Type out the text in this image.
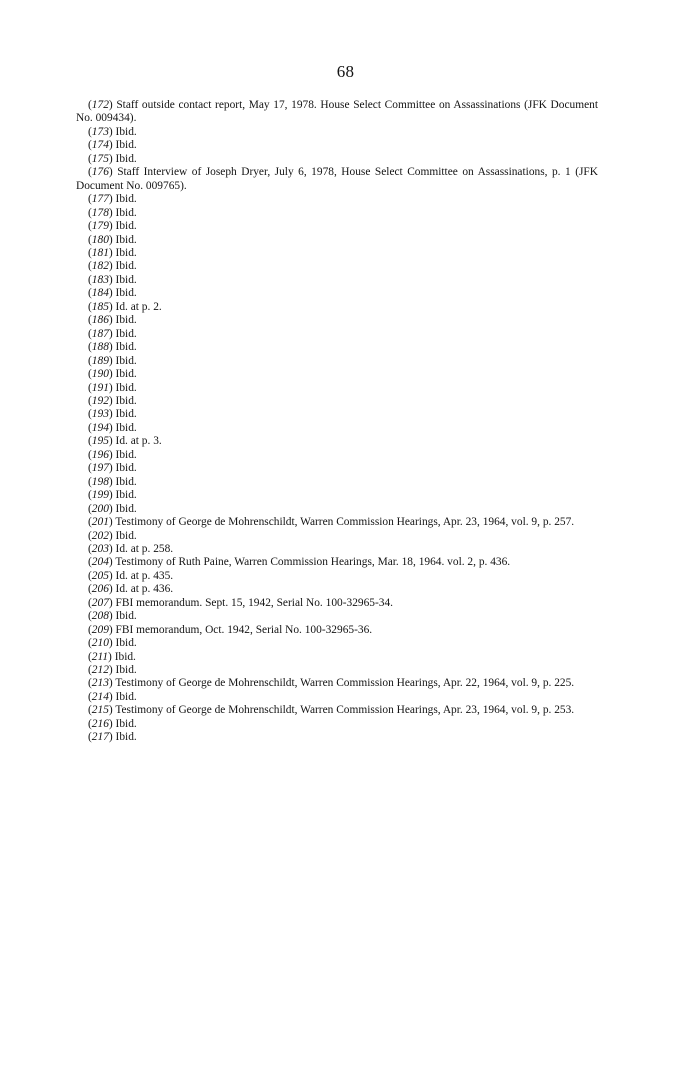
68
(172) Staff outside contact report, May 17, 1978. House Select Committee on Assassinations (JFK Document No. 009434).
(173) Ibid.
(174) Ibid.
(175) Ibid.
(176) Staff Interview of Joseph Dryer, July 6, 1978, House Select Committee on Assassinations, p. 1 (JFK Document No. 009765).
(177) Ibid.
(178) Ibid.
(179) Ibid.
(180) Ibid.
(181) Ibid.
(182) Ibid.
(183) Ibid.
(184) Ibid.
(185) Id. at p. 2.
(186) Ibid.
(187) Ibid.
(188) Ibid.
(189) Ibid.
(190) Ibid.
(191) Ibid.
(192) Ibid.
(193) Ibid.
(194) Ibid.
(195) Id. at p. 3.
(196) Ibid.
(197) Ibid.
(198) Ibid.
(199) Ibid.
(200) Ibid.
(201) Testimony of George de Mohrenschildt, Warren Commission Hearings, Apr. 23, 1964, vol. 9, p. 257.
(202) Ibid.
(203) Id. at p. 258.
(204) Testimony of Ruth Paine, Warren Commission Hearings, Mar. 18, 1964. vol. 2, p. 436.
(205) Id. at p. 435.
(206) Id. at p. 436.
(207) FBI memorandum. Sept. 15, 1942, Serial No. 100-32965-34.
(208) Ibid.
(209) FBI memorandum, Oct. 1942, Serial No. 100-32965-36.
(210) Ibid.
(211) Ibid.
(212) Ibid.
(213) Testimony of George de Mohrenschildt, Warren Commission Hearings, Apr. 22, 1964, vol. 9, p. 225.
(214) Ibid.
(215) Testimony of George de Mohrenschildt, Warren Commission Hearings, Apr. 23, 1964, vol. 9, p. 253.
(216) Ibid.
(217) Ibid.
